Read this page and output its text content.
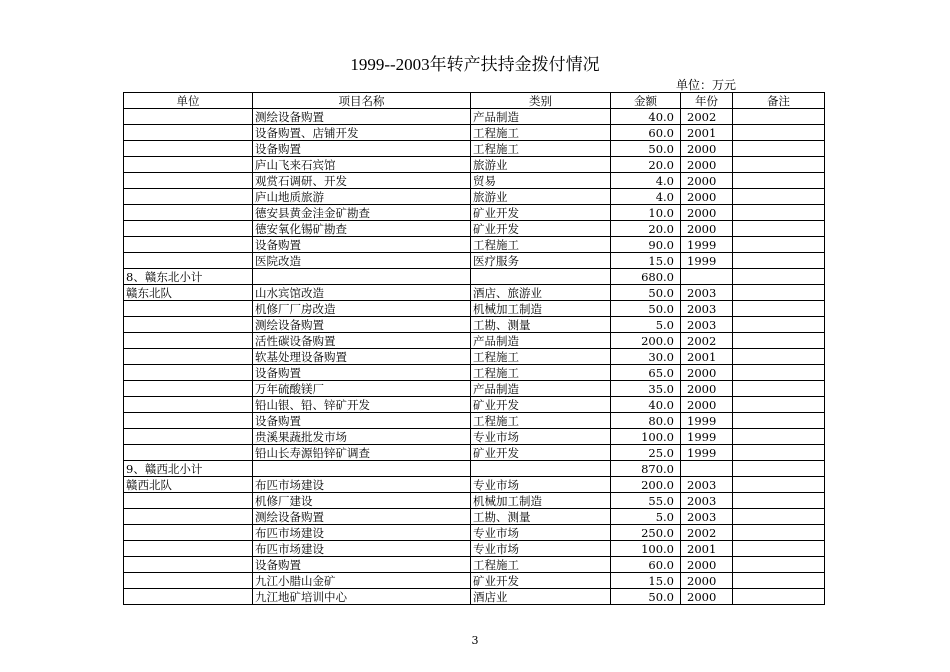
1999--2003年转产扶持金拨付情况
单位：万元
单位	项目名称	类别	金额	年份	备注
	测绘设备购置	产品制造	40.0	2002	
	设备购置、店铺开发	工程施工	60.0	2001	
	设备购置	工程施工	50.0	2000	
	庐山飞来石宾馆	旅游业	20.0	2000	
	观赏石调研、开发	贸易	4.0	2000	
	庐山地质旅游	旅游业	4.0	2000	
	德安县黄金洼金矿勘查	矿业开发	10.0	2000	
	德安氧化锡矿勘查	矿业开发	20.0	2000	
	设备购置	工程施工	90.0	1999	
	医院改造	医疗服务	15.0	1999	
8、赣东北小计			680.0		
赣东北队	山水宾馆改造	酒店、旅游业	50.0	2003	
	机修厂厂房改造	机械加工制造	50.0	2003	
	测绘设备购置	工勘、测量	5.0	2003	
	活性碳设备购置	产品制造	200.0	2002	
	软基处理设备购置	工程施工	30.0	2001	
	设备购置	工程施工	65.0	2000	
	万年硫酸镁厂	产品制造	35.0	2000	
	铅山银、铅、锌矿开发	矿业开发	40.0	2000	
	设备购置	工程施工	80.0	1999	
	贵溪果蔬批发市场	专业市场	100.0	1999	
	铅山长寿源铅锌矿调查	矿业开发	25.0	1999	
9、赣西北小计			870.0		
赣西北队	布匹市场建设	专业市场	200.0	2003	
	机修厂建设	机械加工制造	55.0	2003	
	测绘设备购置	工勘、测量	5.0	2003	
	布匹市场建设	专业市场	250.0	2002	
	布匹市场建设	专业市场	100.0	2001	
	设备购置	工程施工	60.0	2000	
	九江小腊山金矿	矿业开发	15.0	2000	
	九江地矿培训中心	酒店业	50.0	2000	
3
